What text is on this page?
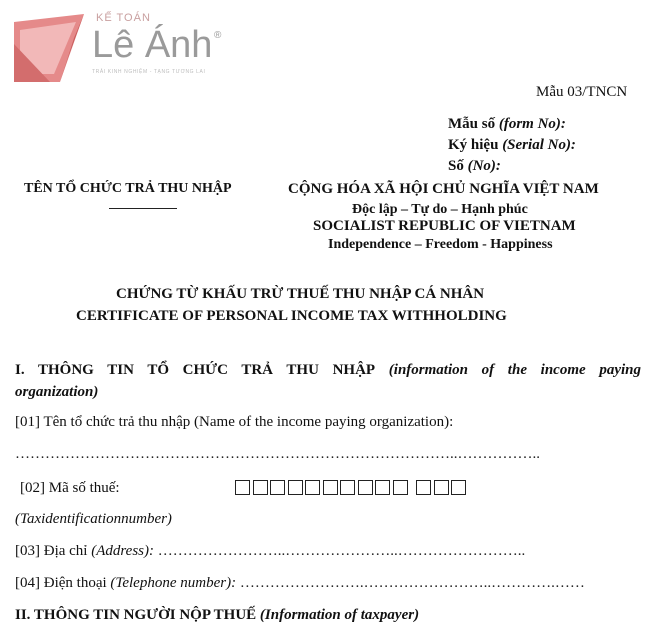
KẾ TOÁN
Lê Ánh ®
TRẢI KINH NGHIỆM - TẠNG TƯƠNG LAI
Mẫu 03/TNCN
Mẫu số (form No):
Ký hiệu (Serial No):
Số (No):
TÊN TỔ CHỨC TRẢ THU NHẬP	CỘNG HÓA XÃ HỘI CHỦ NGHĨA VIỆT NAM
Độc lập – Tự do – Hạnh phúc
SOCIALIST REPUBLIC OF VIETNAM
Independence – Freedom - Happiness
CHỨNG TỪ KHẤU TRỪ THUẾ THU NHẬP CÁ NHÂN
CERTIFICATE OF PERSONAL INCOME TAX WITHHOLDING
I. THÔNG TIN TỔ CHỨC TRẢ THU NHẬP (information of the income paying
organization)
[01] Tên tổ chức trả thu nhập (Name of the income paying organization):
……………………………………………………………………………..……………..
[02] Mã số thuế:
(Taxidentificationnumber)
[03] Địa chỉ (Address): ……………………..…………………..……………………..
[04] Điện thoại (Telephone number): …………………….……………………..………….……
II. THÔNG TIN NGƯỜI NỘP THUẾ (Information of taxpayer)
